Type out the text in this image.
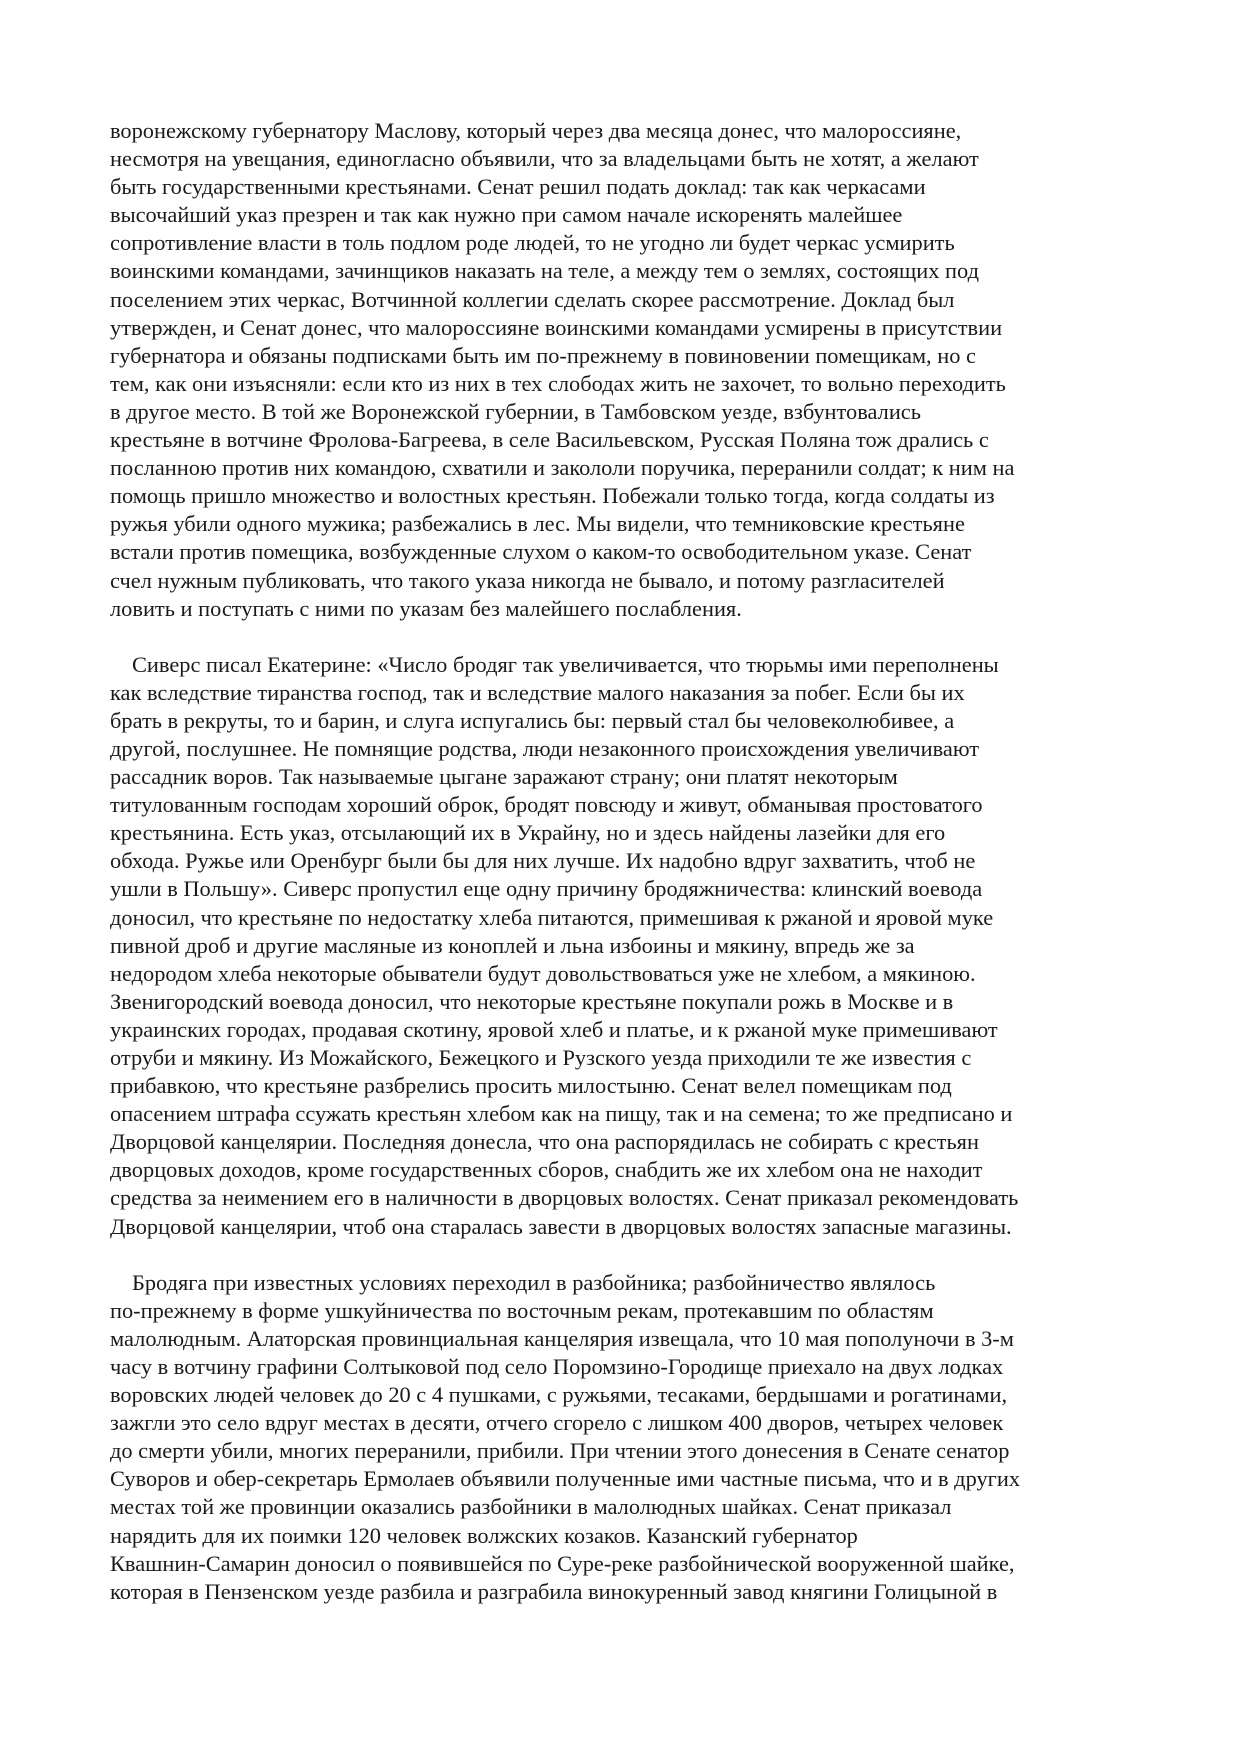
воронежскому губернатору Маслову, который через два месяца донес, что малороссияне,
несмотря на увещания, единогласно объявили, что за владельцами быть не хотят, а желают
быть государственными крестьянами. Сенат решил подать доклад: так как черкасами
высочайший указ презрен и так как нужно при самом начале искоренять малейшее
сопротивление власти в толь подлом роде людей, то не угодно ли будет черкас усмирить
воинскими командами, зачинщиков наказать на теле, а между тем о землях, состоящих под
поселением этих черкас, Вотчинной коллегии сделать скорее рассмотрение. Доклад был
утвержден, и Сенат донес, что малороссияне воинскими командами усмирены в присутствии
губернатора и обязаны подписками быть им по-прежнему в повиновении помещикам, но с
тем, как они изъясняли: если кто из них в тех слободах жить не захочет, то вольно переходить
в другое место. В той же Воронежской губернии, в Тамбовском уезде, взбунтовались
крестьяне в вотчине Фролова-Багреева, в селе Васильевском, Русская Поляна тож дрались с
посланною против них командою, схватили и закололи поручика, переранили солдат; к ним на
помощь пришло множество и волостных крестьян. Побежали только тогда, когда солдаты из
ружья убили одного мужика; разбежались в лес. Мы видели, что темниковские крестьяне
встали против помещика, возбужденные слухом о каком-то освободительном указе. Сенат
счел нужным публиковать, что такого указа никогда не бывало, и потому разгласителей
ловить и поступать с ними по указам без малейшего послабления.
Сиверс писал Екатерине: «Число бродяг так увеличивается, что тюрьмы ими переполнены
как вследствие тиранства господ, так и вследствие малого наказания за побег. Если бы их
брать в рекруты, то и барин, и слуга испугались бы: первый стал бы человеколюбивее, а
другой, послушнее. Не помнящие родства, люди незаконного происхождения увеличивают
рассадник воров. Так называемые цыгане заражают страну; они платят некоторым
титулованным господам хороший оброк, бродят повсюду и живут, обманывая простоватого
крестьянина. Есть указ, отсылающий их в Украйну, но и здесь найдены лазейки для его
обхода. Ружье или Оренбург были бы для них лучше. Их надобно вдруг захватить, чтоб не
ушли в Польшу». Сиверс пропустил еще одну причину бродяжничества: клинский воевода
доносил, что крестьяне по недостатку хлеба питаются, примешивая к ржаной и яровой муке
пивной дроб и другие масляные из коноплей и льна избоины и мякину, впредь же за
недородом хлеба некоторые обыватели будут довольствоваться уже не хлебом, а мякиною.
Звенигородский воевода доносил, что некоторые крестьяне покупали рожь в Москве и в
украинских городах, продавая скотину, яровой хлеб и платье, и к ржаной муке примешивают
отруби и мякину. Из Можайского, Бежецкого и Рузского уезда приходили те же известия с
прибавкою, что крестьяне разбрелись просить милостыню. Сенат велел помещикам под
опасением штрафа ссужать крестьян хлебом как на пищу, так и на семена; то же предписано и
Дворцовой канцелярии. Последняя донесла, что она распорядилась не собирать с крестьян
дворцовых доходов, кроме государственных сборов, снабдить же их хлебом она не находит
средства за неимением его в наличности в дворцовых волостях. Сенат приказал рекомендовать
Дворцовой канцелярии, чтоб она старалась завести в дворцовых волостях запасные магазины.
Бродяга при известных условиях переходил в разбойника; разбойничество являлось
по-прежнему в форме ушкуйничества по восточным рекам, протекавшим по областям
малолюдным. Алаторская провинциальная канцелярия извещала, что 10 мая пополуночи в 3-м
часу в вотчину графини Солтыковой под село Поромзино-Городище приехало на двух лодках
воровских людей человек до 20 с 4 пушками, с ружьями, тесаками, бердышами и рогатинами,
зажгли это село вдруг местах в десяти, отчего сгорело с лишком 400 дворов, четырех человек
до смерти убили, многих переранили, прибили. При чтении этого донесения в Сенате сенатор
Суворов и обер-секретарь Ермолаев объявили полученные ими частные письма, что и в других
местах той же провинции оказались разбойники в малолюдных шайках. Сенат приказал
нарядить для их поимки 120 человек волжских козаков. Казанский губернатор
Квашнин-Самарин доносил о появившейся по Суре-реке разбойнической вооруженной шайке,
которая в Пензенском уезде разбила и разграбила винокуренный завод княгини Голицыной в
